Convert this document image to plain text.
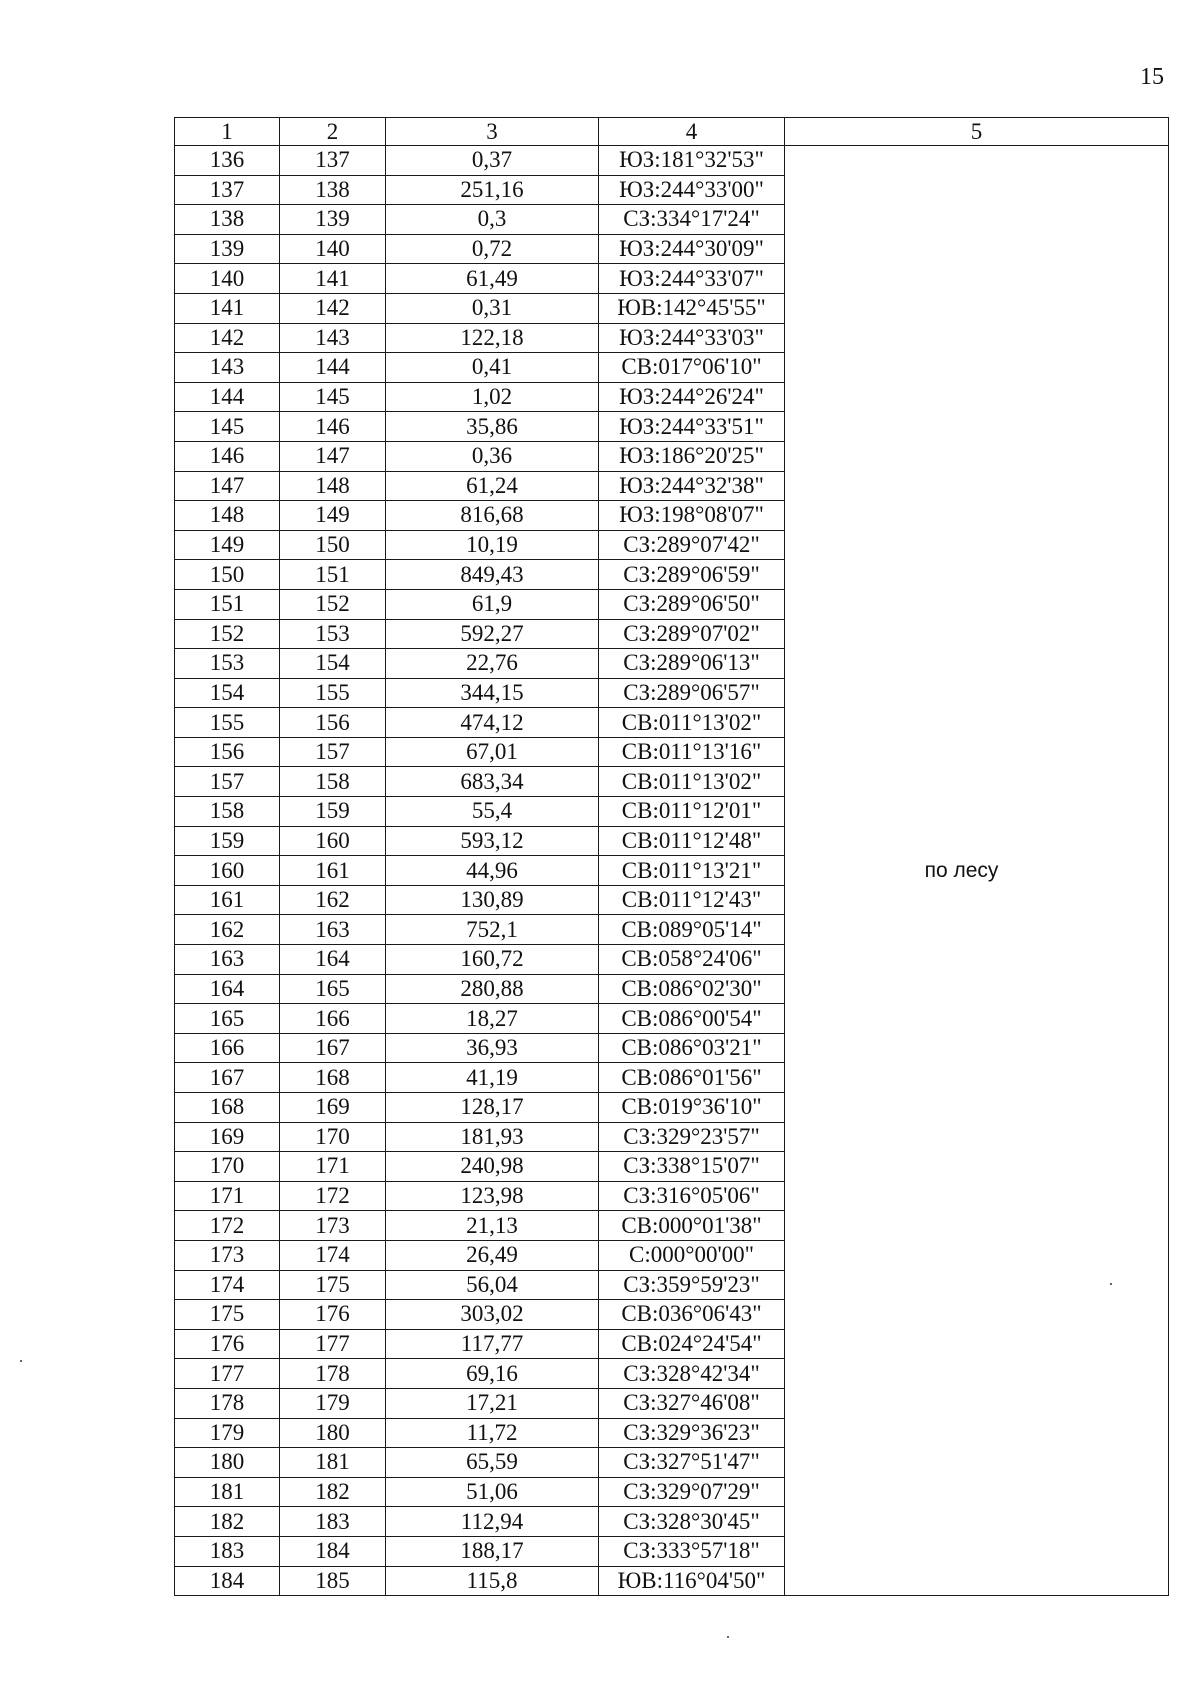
15
1	2	3	4	5
136	137	0,37	ЮЗ:181°32'53"	по лесу
137	138	251,16	ЮЗ:244°33'00"	
138	139	0,3	СЗ:334°17'24"	
139	140	0,72	ЮЗ:244°30'09"	
140	141	61,49	ЮЗ:244°33'07"	
141	142	0,31	ЮВ:142°45'55"	
142	143	122,18	ЮЗ:244°33'03"	
143	144	0,41	СВ:017°06'10"	
144	145	1,02	ЮЗ:244°26'24"	
145	146	35,86	ЮЗ:244°33'51"	
146	147	0,36	ЮЗ:186°20'25"	
147	148	61,24	ЮЗ:244°32'38"	
148	149	816,68	ЮЗ:198°08'07"	
149	150	10,19	СЗ:289°07'42"	
150	151	849,43	СЗ:289°06'59"	
151	152	61,9	СЗ:289°06'50"	
152	153	592,27	СЗ:289°07'02"	
153	154	22,76	СЗ:289°06'13"	
154	155	344,15	СЗ:289°06'57"	
155	156	474,12	СВ:011°13'02"	
156	157	67,01	СВ:011°13'16"	
157	158	683,34	СВ:011°13'02"	
158	159	55,4	СВ:011°12'01"	
159	160	593,12	СВ:011°12'48"	
160	161	44,96	СВ:011°13'21"	
161	162	130,89	СВ:011°12'43"	
162	163	752,1	СВ:089°05'14"	
163	164	160,72	СВ:058°24'06"	
164	165	280,88	СВ:086°02'30"	
165	166	18,27	СВ:086°00'54"	
166	167	36,93	СВ:086°03'21"	
167	168	41,19	СВ:086°01'56"	
168	169	128,17	СВ:019°36'10"	
169	170	181,93	СЗ:329°23'57"	
170	171	240,98	СЗ:338°15'07"	
171	172	123,98	СЗ:316°05'06"	
172	173	21,13	СВ:000°01'38"	
173	174	26,49	С:000°00'00"	
174	175	56,04	СЗ:359°59'23"	
175	176	303,02	СВ:036°06'43"	
176	177	117,77	СВ:024°24'54"	
177	178	69,16	СЗ:328°42'34"	
178	179	17,21	СЗ:327°46'08"	
179	180	11,72	СЗ:329°36'23"	
180	181	65,59	СЗ:327°51'47"	
181	182	51,06	СЗ:329°07'29"	
182	183	112,94	СЗ:328°30'45"	
183	184	188,17	СЗ:333°57'18"	
184	185	115,8	ЮВ:116°04'50"	
